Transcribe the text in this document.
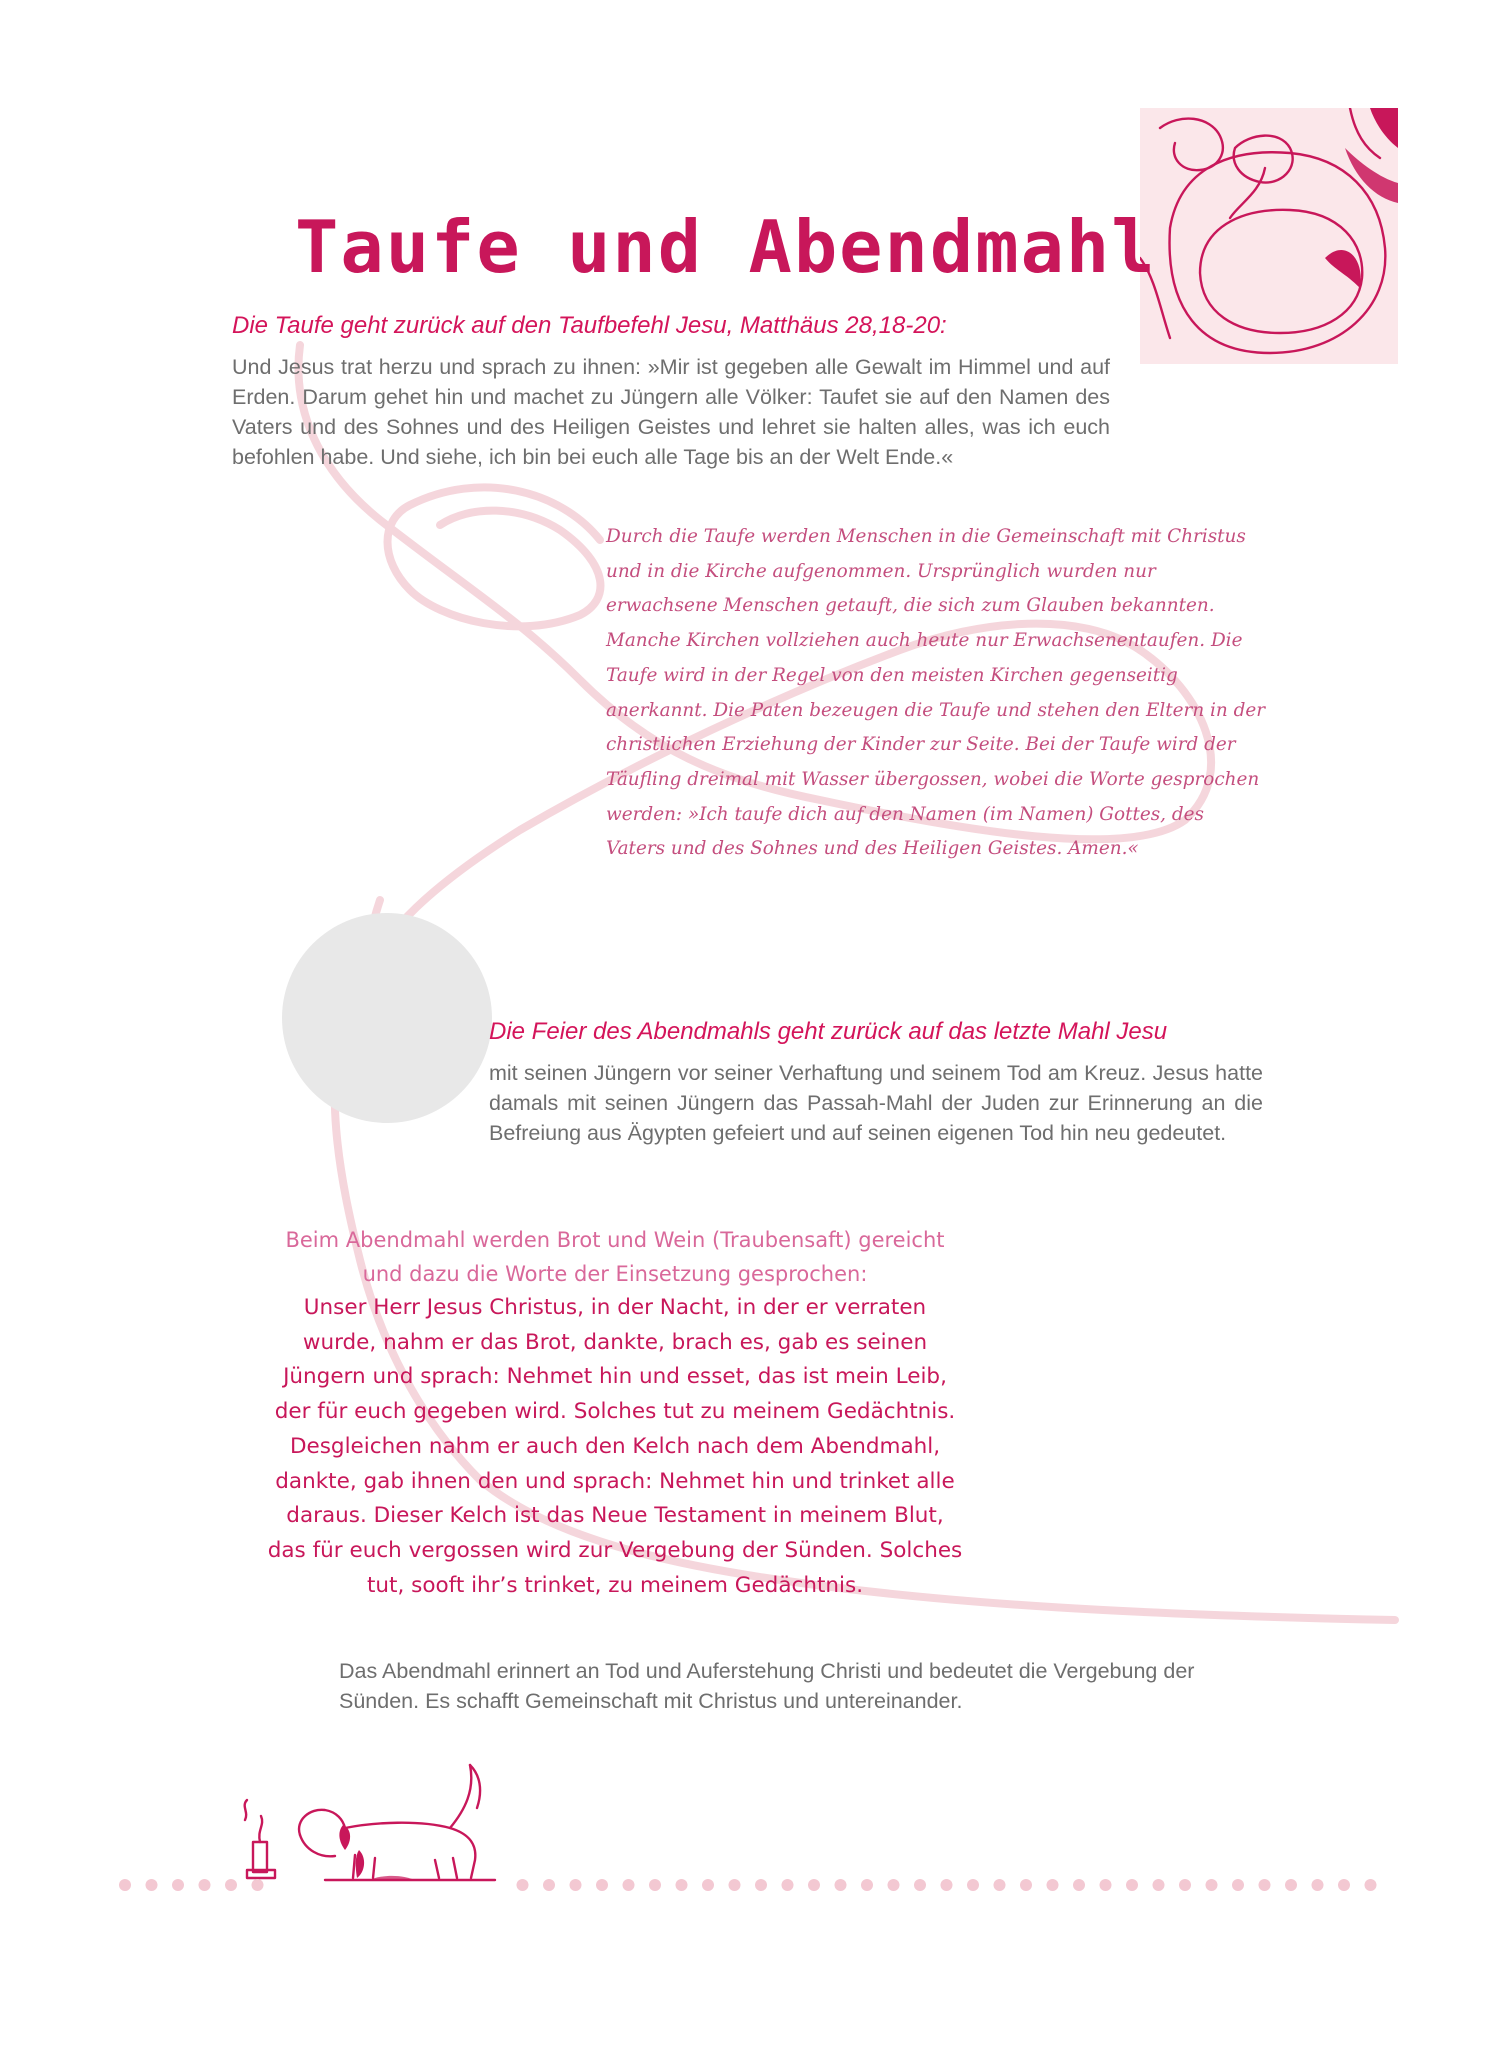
Taufe und Abendmahl
Die Taufe geht zurück auf den Taufbefehl Jesu, Matthäus 28,18-20:

Und Jesus trat herzu und sprach zu ihnen: »Mir ist gegeben alle Gewalt im Himmel und auf Erden. Darum gehet hin und machet zu Jüngern alle Völker: Taufet sie auf den Namen des Vaters und des Sohnes und des Heiligen Geistes und lehret sie halten alles, was ich euch befohlen habe. Und siehe, ich bin bei euch alle Tage bis an der Welt Ende.«

Durch die Taufe werden Menschen in die Gemeinschaft mit Christus und in die Kirche aufgenommen. Ursprünglich wurden nur erwachsene Menschen getauft, die sich zum Glauben bekannten. Manche Kirchen vollziehen auch heute nur Erwachsenentaufen. Die Taufe wird in der Regel von den meisten Kirchen gegenseitig anerkannt. Die Paten bezeugen die Taufe und stehen den Eltern in der christlichen Erziehung der Kinder zur Seite. Bei der Taufe wird der Täufling dreimal mit Wasser übergossen, wobei die Worte gesprochen werden: »Ich taufe dich auf den Namen (im Namen) Gottes, des Vaters und des Sohnes und des Heiligen Geistes. Amen.«

Die Feier des Abendmahls geht zurück auf das letzte Mahl Jesu

mit seinen Jüngern vor seiner Verhaftung und seinem Tod am Kreuz. Jesus hatte damals mit seinen Jüngern das Passah-Mahl der Juden zur Erinnerung an die Befreiung aus Ägypten gefeiert und auf seinen eigenen Tod hin neu gedeutet.

Beim Abendmahl werden Brot und Wein (Traubensaft) gereicht

und dazu die Worte der Einsetzung gesprochen:

Unser Herr Jesus Christus, in der Nacht, in der er verraten

wurde, nahm er das Brot, dankte, brach es, gab es seinen

Jüngern und sprach: Nehmet hin und esset, das ist mein Leib,

der für euch gegeben wird. Solches tut zu meinem Gedächtnis.

Desgleichen nahm er auch den Kelch nach dem Abendmahl,

dankte, gab ihnen den und sprach: Nehmet hin und trinket alle

daraus. Dieser Kelch ist das Neue Testament in meinem Blut,

das für euch vergossen wird zur Vergebung der Sünden. Solches

tut, sooft ihr’s trinket, zu meinem Gedächtnis.

Das Abendmahl erinnert an Tod und Auferstehung Christi und bedeutet die Vergebung der Sünden. Es schafft Gemeinschaft mit Christus und untereinander.
